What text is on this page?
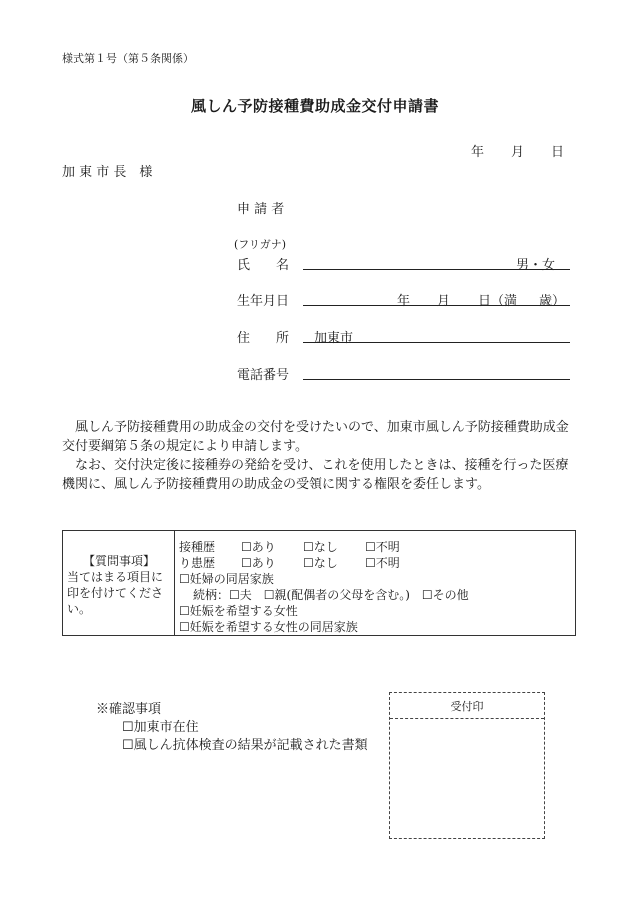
様式第１号（第５条関係）
風しん予防接種費助成金交付申請書
年 月 日
加 東 市 長　様
申 請 者
(フリガナ)
氏　　名	男・女
生年月日	年 月 日（満 歳）
住　　所 加東市
電話番号
風しん予防接種費用の助成金の交付を受けたいので、加東市風しん予防接種費助成金交付要綱第５条の規定により申請します。
なお、交付決定後に接種券の発給を受け、これを使用したときは、接種を行った医療機関に、風しん予防接種費用の助成金の受領に関する権限を委任します。
【質問事項】
当てはまる項目に印を付けてください。
接種歴 ☐あり ☐なし ☐不明
り患歴 ☐あり ☐なし ☐不明
☐妊婦の同居家族
続柄：☐夫　☐親(配偶者の父母を含む。)　☐その他
☐妊娠を希望する女性
☐妊娠を希望する女性の同居家族
※確認事項
☐加東市在住
☐風しん抗体検査の結果が記載された書類
受付印
